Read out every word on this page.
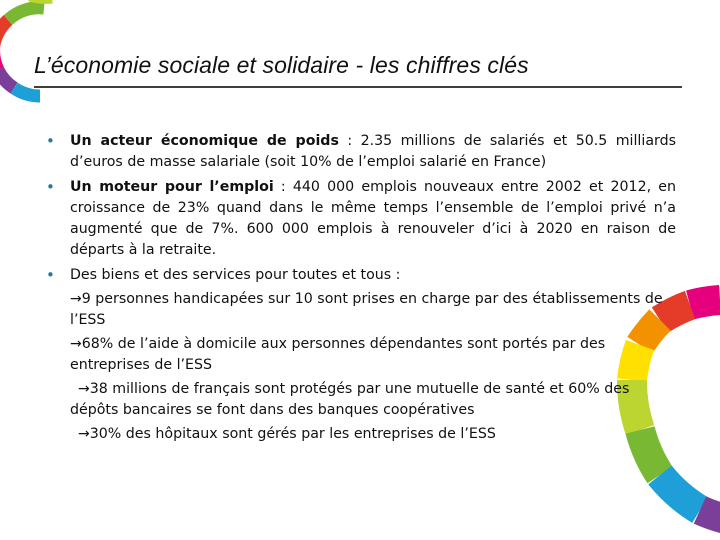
L’économie sociale et solidaire - les chiffres clés

• Un acteur économique de poids : 2.35 millions de salariés et 50.5 milliards d’euros de masse salariale (soit 10% de l’emploi salarié en France)

• Un moteur pour l’emploi : 440 000 emplois nouveaux entre 2002 et 2012, en croissance de 23% quand dans le même temps l’ensemble de l’emploi privé n’a augmenté que de 7%. 600 000 emplois à renouveler d’ici à 2020 en raison de départs à la retraite.

• Des biens et des services pour toutes et tous :

→9 personnes handicapées sur 10 sont prises en charge par des établissements de l’ESS

→68% de l’aide à domicile aux personnes dépendantes sont portés par des entreprises de l’ESS

→38 millions de français sont protégés par une mutuelle de santé et 60% des dépôts bancaires se font dans des banques coopératives

→30% des hôpitaux sont gérés par les entreprises de l’ESS
